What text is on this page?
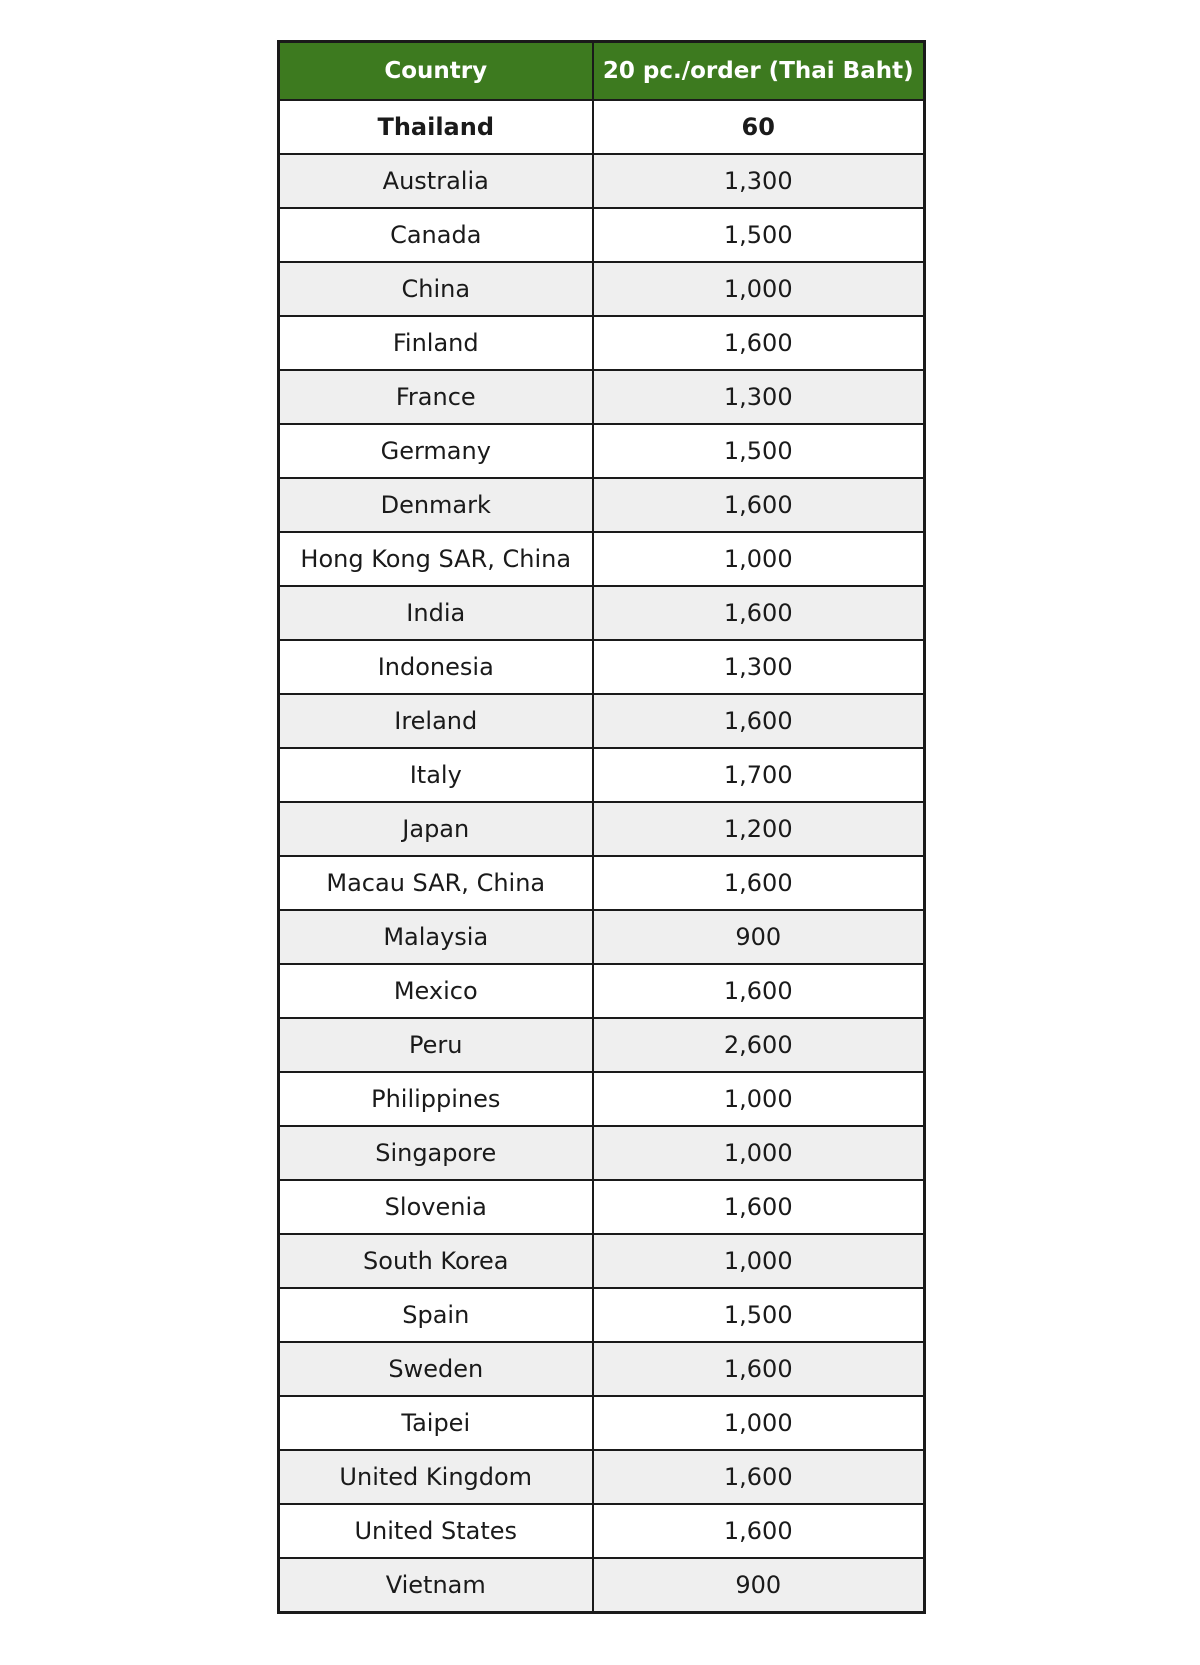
Country	20 pc./order (Thai Baht)
Thailand	60
Australia	1,300
Canada	1,500
China	1,000
Finland	1,600
France	1,300
Germany	1,500
Denmark	1,600
Hong Kong SAR, China	1,000
India	1,600
Indonesia	1,300
Ireland	1,600
Italy	1,700
Japan	1,200
Macau SAR, China	1,600
Malaysia	900
Mexico	1,600
Peru	2,600
Philippines	1,000
Singapore	1,000
Slovenia	1,600
South Korea	1,000
Spain	1,500
Sweden	1,600
Taipei	1,000
United Kingdom	1,600
United States	1,600
Vietnam	900
